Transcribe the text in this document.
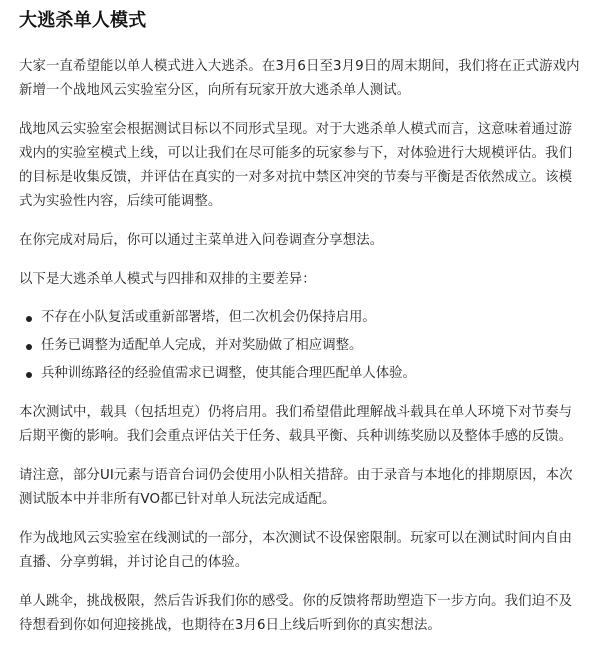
大逃杀单人模式

大家一直希望能以单人模式进入大逃杀。在3月6日至3月9日的周末期间，我们将在正式游戏内新增一个战地风云实验室分区，向所有玩家开放大逃杀单人测试。

战地风云实验室会根据测试目标以不同形式呈现。对于大逃杀单人模式而言，这意味着通过游戏内的实验室模式上线，可以让我们在尽可能多的玩家参与下，对体验进行大规模评估。我们的目标是收集反馈，并评估在真实的一对多对抗中禁区冲突的节奏与平衡是否依然成立。该模式为实验性内容，后续可能调整。

在你完成对局后，你可以通过主菜单进入问卷调查分享想法。

以下是大逃杀单人模式与四排和双排的主要差异：

不存在小队复活或重新部署塔，但二次机会仍保持启用。
任务已调整为适配单人完成，并对奖励做了相应调整。
兵种训练路径的经验值需求已调整，使其能合理匹配单人体验。

本次测试中，载具（包括坦克）仍将启用。我们希望借此理解战斗载具在单人环境下对节奏与后期平衡的影响。我们会重点评估关于任务、载具平衡、兵种训练奖励以及整体手感的反馈。

请注意，部分UI元素与语音台词仍会使用小队相关措辞。由于录音与本地化的排期原因，本次测试版本中并非所有VO都已针对单人玩法完成适配。

作为战地风云实验室在线测试的一部分，本次测试不设保密限制。玩家可以在测试时间内自由直播、分享剪辑，并讨论自己的体验。

单人跳伞，挑战极限，然后告诉我们你的感受。你的反馈将帮助塑造下一步方向。我们迫不及待想看到你如何迎接挑战，也期待在3月6日上线后听到你的真实想法。
